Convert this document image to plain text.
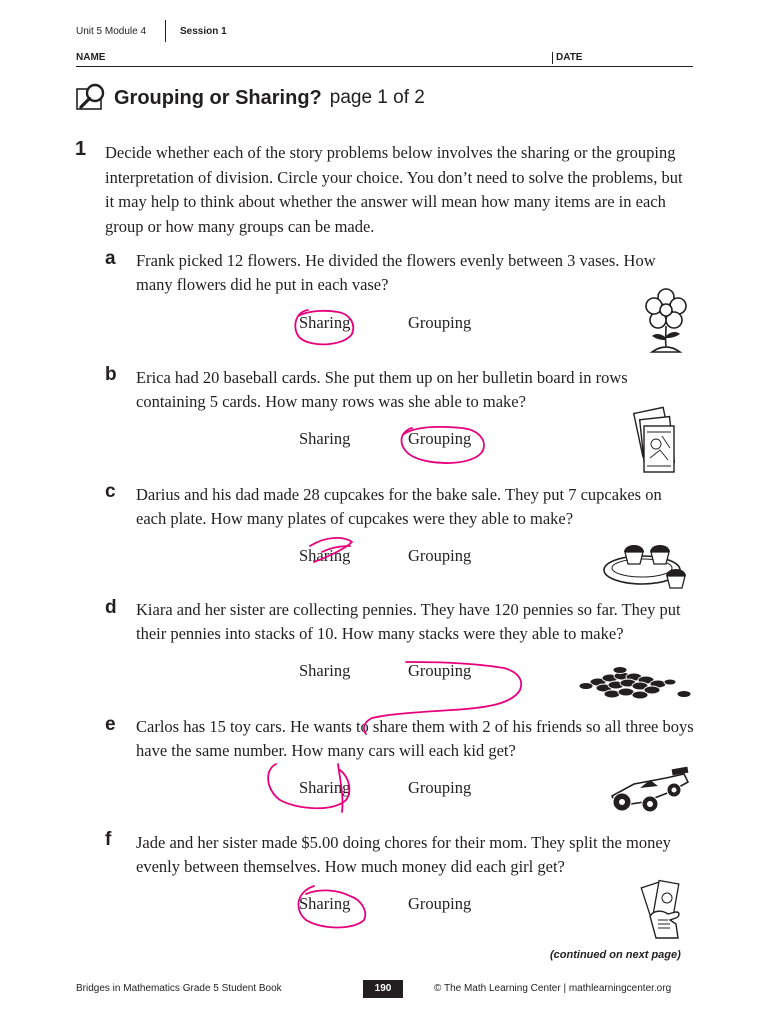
Unit 5 Module 4	Session 1
NAME	DATE
Grouping or Sharing? page 1 of 2
1 Decide whether each of the story problems below involves the sharing or the grouping interpretation of division. Circle your choice. You don’t need to solve the problems, but it may help to think about whether the answer will mean how many items are in each group or how many groups can be made.
a Frank picked 12 flowers. He divided the flowers evenly between 3 vases. How many flowers did he put in each vase?
Sharing	Grouping
b Erica had 20 baseball cards. She put them up on her bulletin board in rows containing 5 cards. How many rows was she able to make?
Sharing	Grouping
c Darius and his dad made 28 cupcakes for the bake sale. They put 7 cupcakes on each plate. How many plates of cupcakes were they able to make?
Sharing	Grouping
d Kiara and her sister are collecting pennies. They have 120 pennies so far. They put their pennies into stacks of 10. How many stacks were they able to make?
Sharing	Grouping
e Carlos has 15 toy cars. He wants to share them with 2 of his friends so all three boys have the same number. How many cars will each kid get?
Sharing	Grouping
f Jade and her sister made $5.00 doing chores for their mom. They split the money evenly between themselves. How much money did each girl get?
Sharing	Grouping
(continued on next page)
Bridges in Mathematics Grade 5 Student Book	190	© The Math Learning Center | mathlearningcenter.org
